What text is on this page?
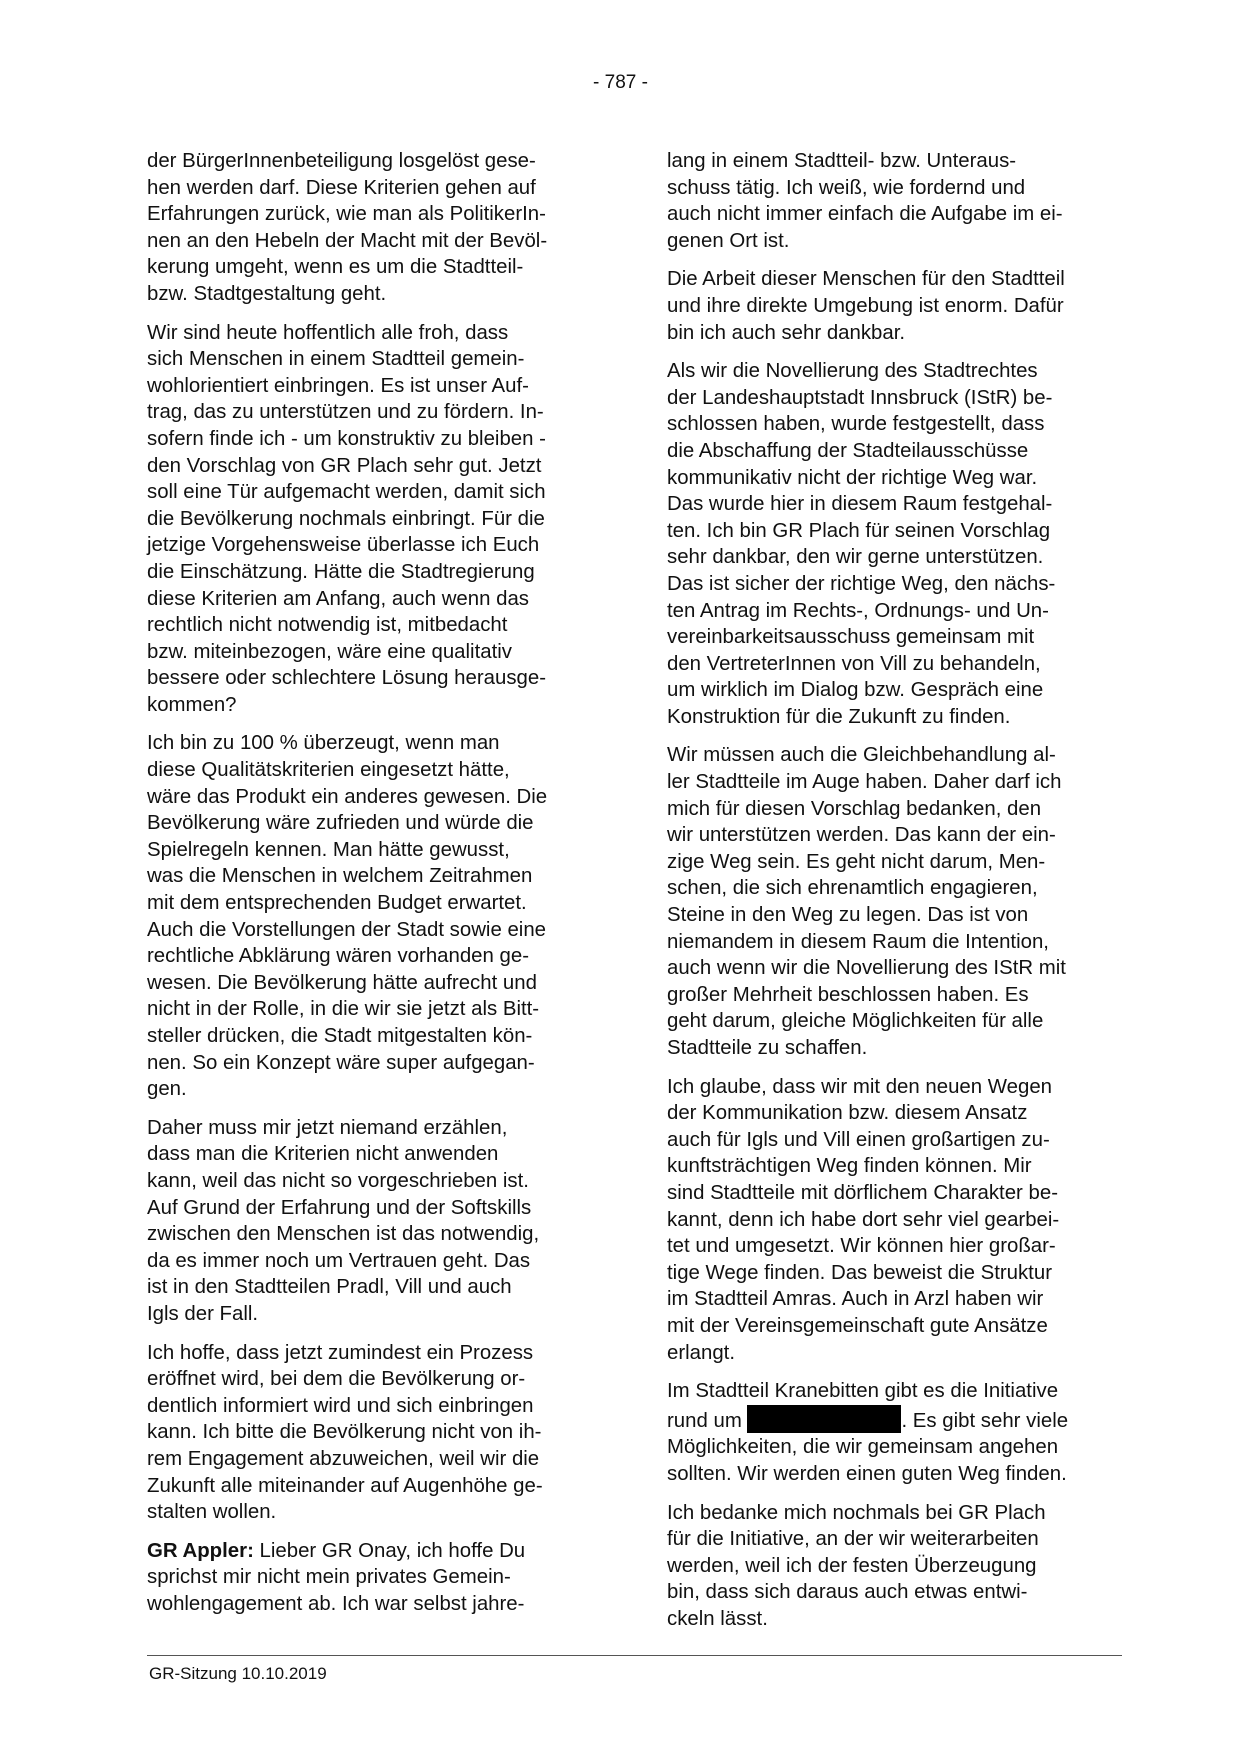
- 787 -
der BürgerInnenbeteiligung losgelöst gese-
hen werden darf. Diese Kriterien gehen auf
Erfahrungen zurück, wie man als PolitikerIn-
nen an den Hebeln der Macht mit der Bevöl-
kerung umgeht, wenn es um die Stadtteil-
bzw. Stadtgestaltung geht.
Wir sind heute hoffentlich alle froh, dass
sich Menschen in einem Stadtteil gemein-
wohlorientiert einbringen. Es ist unser Auf-
trag, das zu unterstützen und zu fördern. In-
sofern finde ich - um konstruktiv zu bleiben -
den Vorschlag von GR Plach sehr gut. Jetzt
soll eine Tür aufgemacht werden, damit sich
die Bevölkerung nochmals einbringt. Für die
jetzige Vorgehensweise überlasse ich Euch
die Einschätzung. Hätte die Stadtregierung
diese Kriterien am Anfang, auch wenn das
rechtlich nicht notwendig ist, mitbedacht
bzw. miteinbezogen, wäre eine qualitativ
bessere oder schlechtere Lösung herausge-
kommen?
Ich bin zu 100 % überzeugt, wenn man
diese Qualitätskriterien eingesetzt hätte,
wäre das Produkt ein anderes gewesen. Die
Bevölkerung wäre zufrieden und würde die
Spielregeln kennen. Man hätte gewusst,
was die Menschen in welchem Zeitrahmen
mit dem entsprechenden Budget erwartet.
Auch die Vorstellungen der Stadt sowie eine
rechtliche Abklärung wären vorhanden ge-
wesen. Die Bevölkerung hätte aufrecht und
nicht in der Rolle, in die wir sie jetzt als Bitt-
steller drücken, die Stadt mitgestalten kön-
nen. So ein Konzept wäre super aufgegan-
gen.
Daher muss mir jetzt niemand erzählen,
dass man die Kriterien nicht anwenden
kann, weil das nicht so vorgeschrieben ist.
Auf Grund der Erfahrung und der Softskills
zwischen den Menschen ist das notwendig,
da es immer noch um Vertrauen geht. Das
ist in den Stadtteilen Pradl, Vill und auch
Igls der Fall.
Ich hoffe, dass jetzt zumindest ein Prozess
eröffnet wird, bei dem die Bevölkerung or-
dentlich informiert wird und sich einbringen
kann. Ich bitte die Bevölkerung nicht von ih-
rem Engagement abzuweichen, weil wir die
Zukunft alle miteinander auf Augenhöhe ge-
stalten wollen.
GR Appler: Lieber GR Onay, ich hoffe Du
sprichst mir nicht mein privates Gemein-
wohlengagement ab. Ich war selbst jahre-
lang in einem Stadtteil- bzw. Unteraus-
schuss tätig. Ich weiß, wie fordernd und
auch nicht immer einfach die Aufgabe im ei-
genen Ort ist.
Die Arbeit dieser Menschen für den Stadtteil
und ihre direkte Umgebung ist enorm. Dafür
bin ich auch sehr dankbar.
Als wir die Novellierung des Stadtrechtes
der Landeshauptstadt Innsbruck (IStR) be-
schlossen haben, wurde festgestellt, dass
die Abschaffung der Stadteilausschüsse
kommunikativ nicht der richtige Weg war.
Das wurde hier in diesem Raum festgehal-
ten. Ich bin GR Plach für seinen Vorschlag
sehr dankbar, den wir gerne unterstützen.
Das ist sicher der richtige Weg, den nächs-
ten Antrag im Rechts-, Ordnungs- und Un-
vereinbarkeitsausschuss gemeinsam mit
den VertreterInnen von Vill zu behandeln,
um wirklich im Dialog bzw. Gespräch eine
Konstruktion für die Zukunft zu finden.
Wir müssen auch die Gleichbehandlung al-
ler Stadtteile im Auge haben. Daher darf ich
mich für diesen Vorschlag bedanken, den
wir unterstützen werden. Das kann der ein-
zige Weg sein. Es geht nicht darum, Men-
schen, die sich ehrenamtlich engagieren,
Steine in den Weg zu legen. Das ist von
niemandem in diesem Raum die Intention,
auch wenn wir die Novellierung des IStR mit
großer Mehrheit beschlossen haben. Es
geht darum, gleiche Möglichkeiten für alle
Stadtteile zu schaffen.
Ich glaube, dass wir mit den neuen Wegen
der Kommunikation bzw. diesem Ansatz
auch für Igls und Vill einen großartigen zu-
kunftsträchtigen Weg finden können. Mir
sind Stadtteile mit dörflichem Charakter be-
kannt, denn ich habe dort sehr viel gearbei-
tet und umgesetzt. Wir können hier großar-
tige Wege finden. Das beweist die Struktur
im Stadtteil Amras. Auch in Arzl haben wir
mit der Vereinsgemeinschaft gute Ansätze
erlangt.
Im Stadtteil Kranebitten gibt es die Initiative
rund um	. Es gibt sehr viele
Möglichkeiten, die wir gemeinsam angehen
sollten. Wir werden einen guten Weg finden.
Ich bedanke mich nochmals bei GR Plach
für die Initiative, an der wir weiterarbeiten
werden, weil ich der festen Überzeugung
bin, dass sich daraus auch etwas entwi-
ckeln lässt.
GR-Sitzung 10.10.2019
